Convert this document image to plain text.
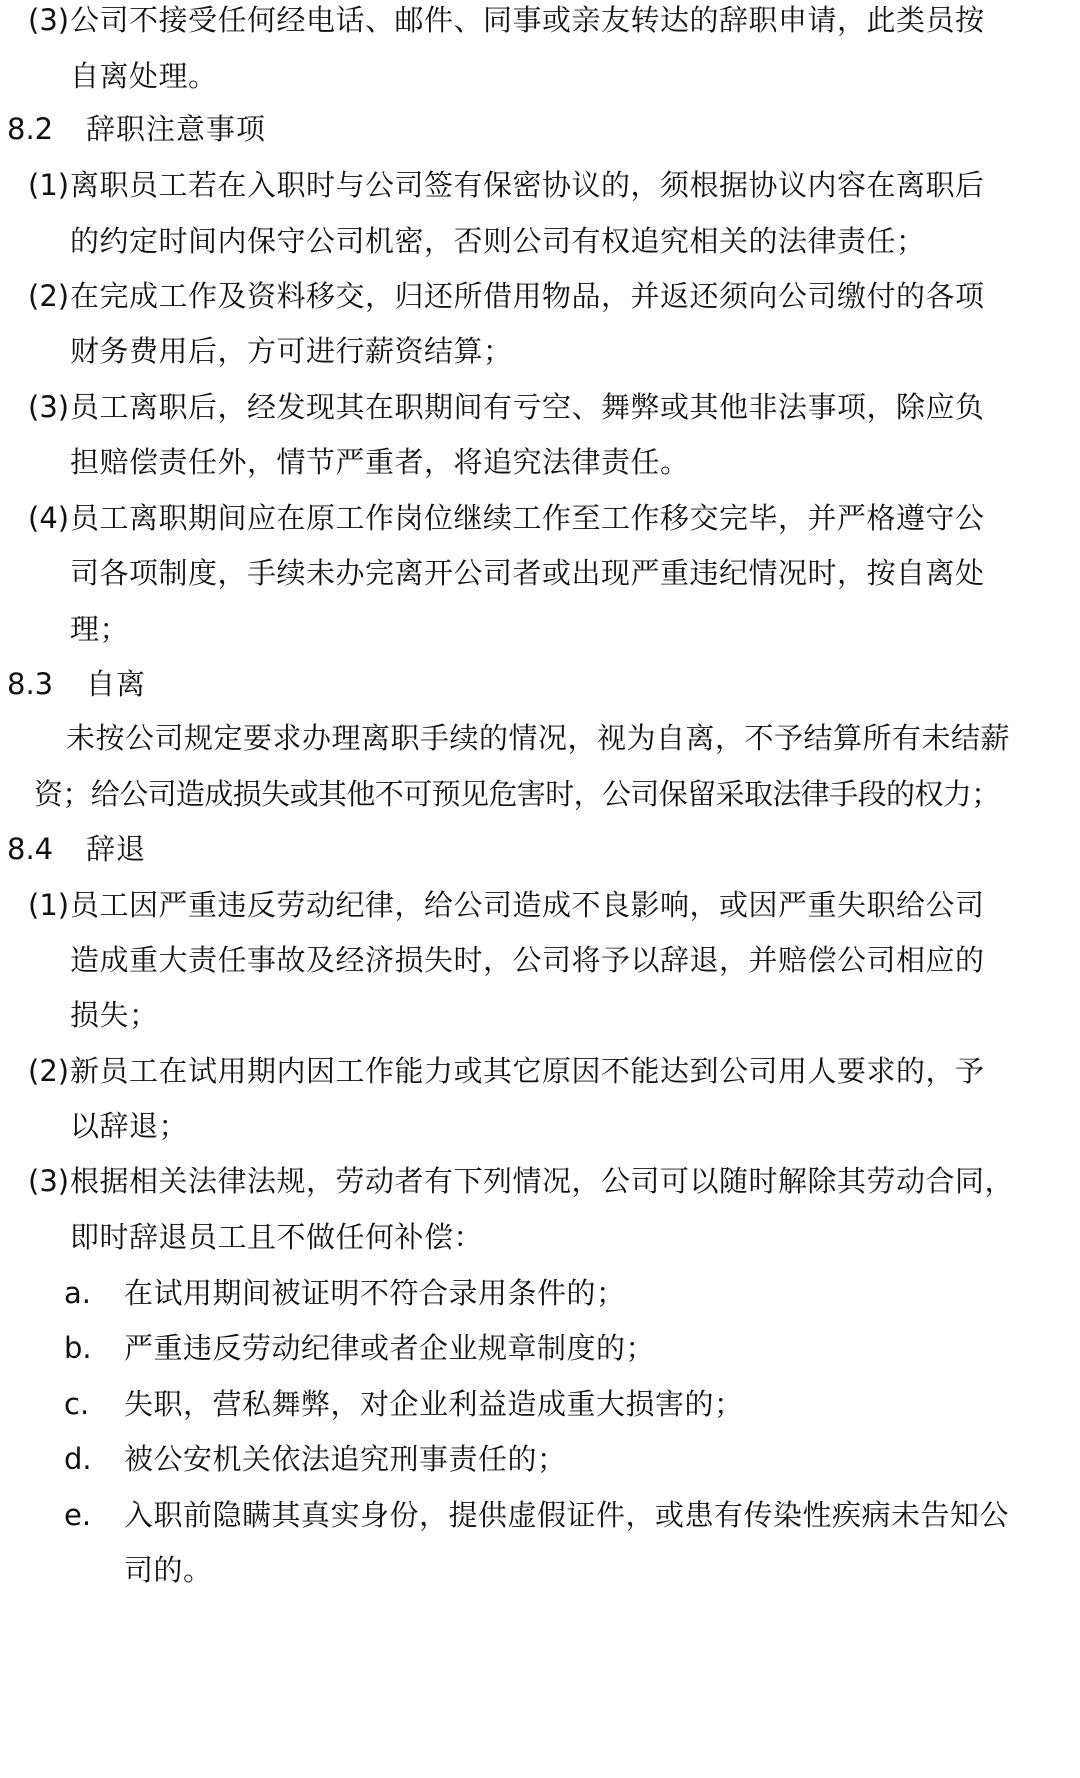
(3) 公司不接受任何经电话、邮件、同事或亲友转达的辞职申请，此类员按
自离处理。
8.2 辞职注意事项
(1) 离职员工若在入职时与公司签有保密协议的，须根据协议内容在离职后
的约定时间内保守公司机密，否则公司有权追究相关的法律责任；
(2) 在完成工作及资料移交，归还所借用物品，并返还须向公司缴付的各项
财务费用后，方可进行薪资结算；
(3) 员工离职后，经发现其在职期间有亏空、舞弊或其他非法事项，除应负
担赔偿责任外，情节严重者，将追究法律责任。
(4) 员工离职期间应在原工作岗位继续工作至工作移交完毕，并严格遵守公
司各项制度，手续未办完离开公司者或出现严重违纪情况时，按自离处
理；
8.3 自离
未按公司规定要求办理离职手续的情况，视为自离，不予结算所有未结薪
资；给公司造成损失或其他不可预见危害时，公司保留采取法律手段的权力；
8.4 辞退
(1) 员工因严重违反劳动纪律，给公司造成不良影响，或因严重失职给公司
造成重大责任事故及经济损失时，公司将予以辞退，并赔偿公司相应的
损失；
(2) 新员工在试用期内因工作能力或其它原因不能达到公司用人要求的，予
以辞退；
(3) 根据相关法律法规，劳动者有下列情况，公司可以随时解除其劳动合同，
即时辞退员工且不做任何补偿：
a. 在试用期间被证明不符合录用条件的；
b. 严重违反劳动纪律或者企业规章制度的；
c. 失职，营私舞弊，对企业利益造成重大损害的；
d. 被公安机关依法追究刑事责任的；
e. 入职前隐瞒其真实身份，提供虚假证件，或患有传染性疾病未告知公
司的。
